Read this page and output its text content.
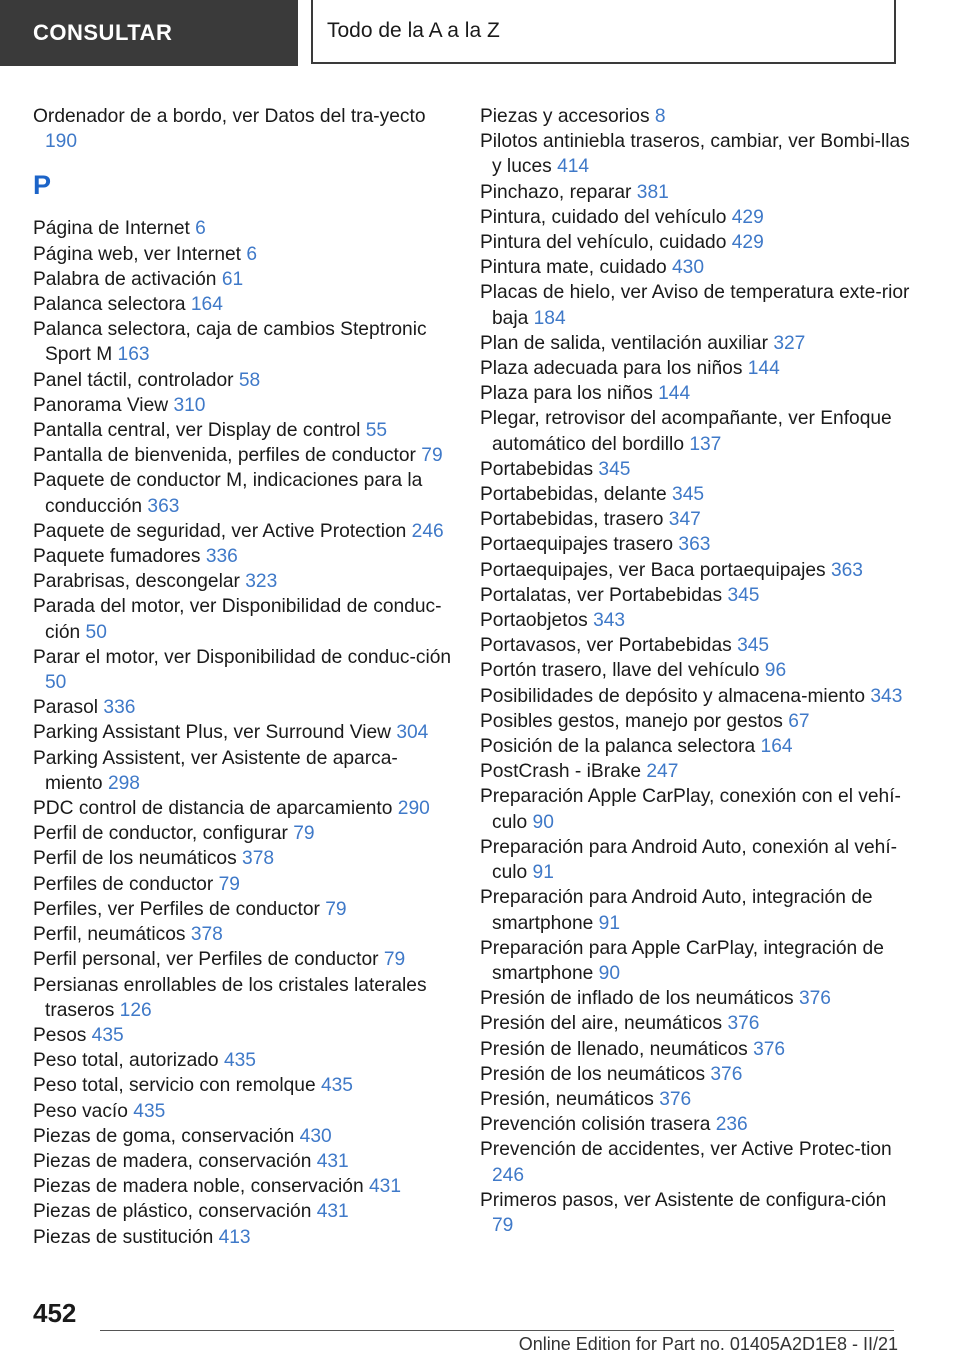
CONSULTAR	Todo de la A a la Z
Ordenador de a bordo, ver Datos del tra-yecto 190
P
Página de Internet 6
Página web, ver Internet 6
Palabra de activación 61
Palanca selectora 164
Palanca selectora, caja de cambios Steptronic Sport M 163
Panel táctil, controlador 58
Panorama View 310
Pantalla central, ver Display de control 55
Pantalla de bienvenida, perfiles de conductor 79
Paquete de conductor M, indicaciones para la conducción 363
Paquete de seguridad, ver Active Protection 246
Paquete fumadores 336
Parabrisas, descongelar 323
Parada del motor, ver Disponibilidad de conduc-ción 50
Parar el motor, ver Disponibilidad de conduc-ción 50
Parasol 336
Parking Assistant Plus, ver Surround View 304
Parking Assistent, ver Asistente de aparca-miento 298
PDC control de distancia de aparcamiento 290
Perfil de conductor, configurar 79
Perfil de los neumáticos 378
Perfiles de conductor 79
Perfiles, ver Perfiles de conductor 79
Perfil, neumáticos 378
Perfil personal, ver Perfiles de conductor 79
Persianas enrollables de los cristales laterales traseros 126
Pesos 435
Peso total, autorizado 435
Peso total, servicio con remolque 435
Peso vacío 435
Piezas de goma, conservación 430
Piezas de madera, conservación 431
Piezas de madera noble, conservación 431
Piezas de plástico, conservación 431
Piezas de sustitución 413
Piezas y accesorios 8
Pilotos antiniebla traseros, cambiar, ver Bombi-llas y luces 414
Pinchazo, reparar 381
Pintura, cuidado del vehículo 429
Pintura del vehículo, cuidado 429
Pintura mate, cuidado 430
Placas de hielo, ver Aviso de temperatura exte-rior baja 184
Plan de salida, ventilación auxiliar 327
Plaza adecuada para los niños 144
Plaza para los niños 144
Plegar, retrovisor del acompañante, ver Enfoque automático del bordillo 137
Portabebidas 345
Portabebidas, delante 345
Portabebidas, trasero 347
Portaequipajes trasero 363
Portaequipajes, ver Baca portaequipajes 363
Portalatas, ver Portabebidas 345
Portaobjetos 343
Portavasos, ver Portabebidas 345
Portón trasero, llave del vehículo 96
Posibilidades de depósito y almacena-miento 343
Posibles gestos, manejo por gestos 67
Posición de la palanca selectora 164
PostCrash - iBrake 247
Preparación Apple CarPlay, conexión con el vehí-culo 90
Preparación para Android Auto, conexión al vehí-culo 91
Preparación para Android Auto, integración de smartphone 91
Preparación para Apple CarPlay, integración de smartphone 90
Presión de inflado de los neumáticos 376
Presión del aire, neumáticos 376
Presión de llenado, neumáticos 376
Presión de los neumáticos 376
Presión, neumáticos 376
Prevención colisión trasera 236
Prevención de accidentes, ver Active Protec-tion 246
Primeros pasos, ver Asistente de configura-ción 79
452
Online Edition for Part no. 01405A2D1E8 - II/21
